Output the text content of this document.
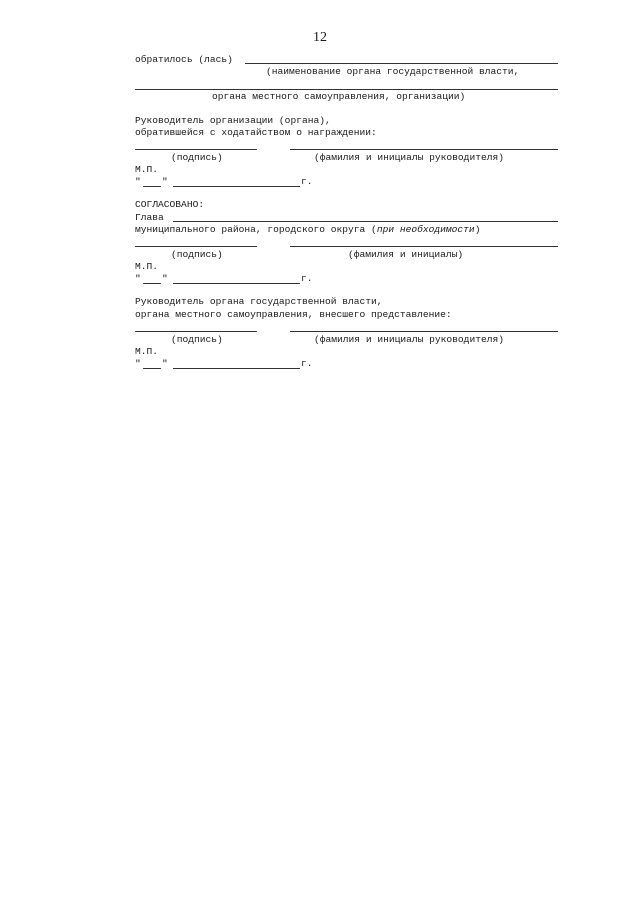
12
обратилось (лась)
(наименование органа государственной власти,
органа местного самоуправления, организации)
Руководитель организации (органа),
обратившейся с ходатайством о награждении:
(подпись)	(фамилия и инициалы руководителя)
М.П.
" "	г.
СОГЛАСОВАНО:
Глава
муниципального района, городского округа (при необходимости)
(подпись)	(фамилия и инициалы)
М.П.
" "	г.
Руководитель органа государственной власти,
органа местного самоуправления, внесшего представление:
(подпись)	(фамилия и инициалы руководителя)
М.П.
" "	г.
